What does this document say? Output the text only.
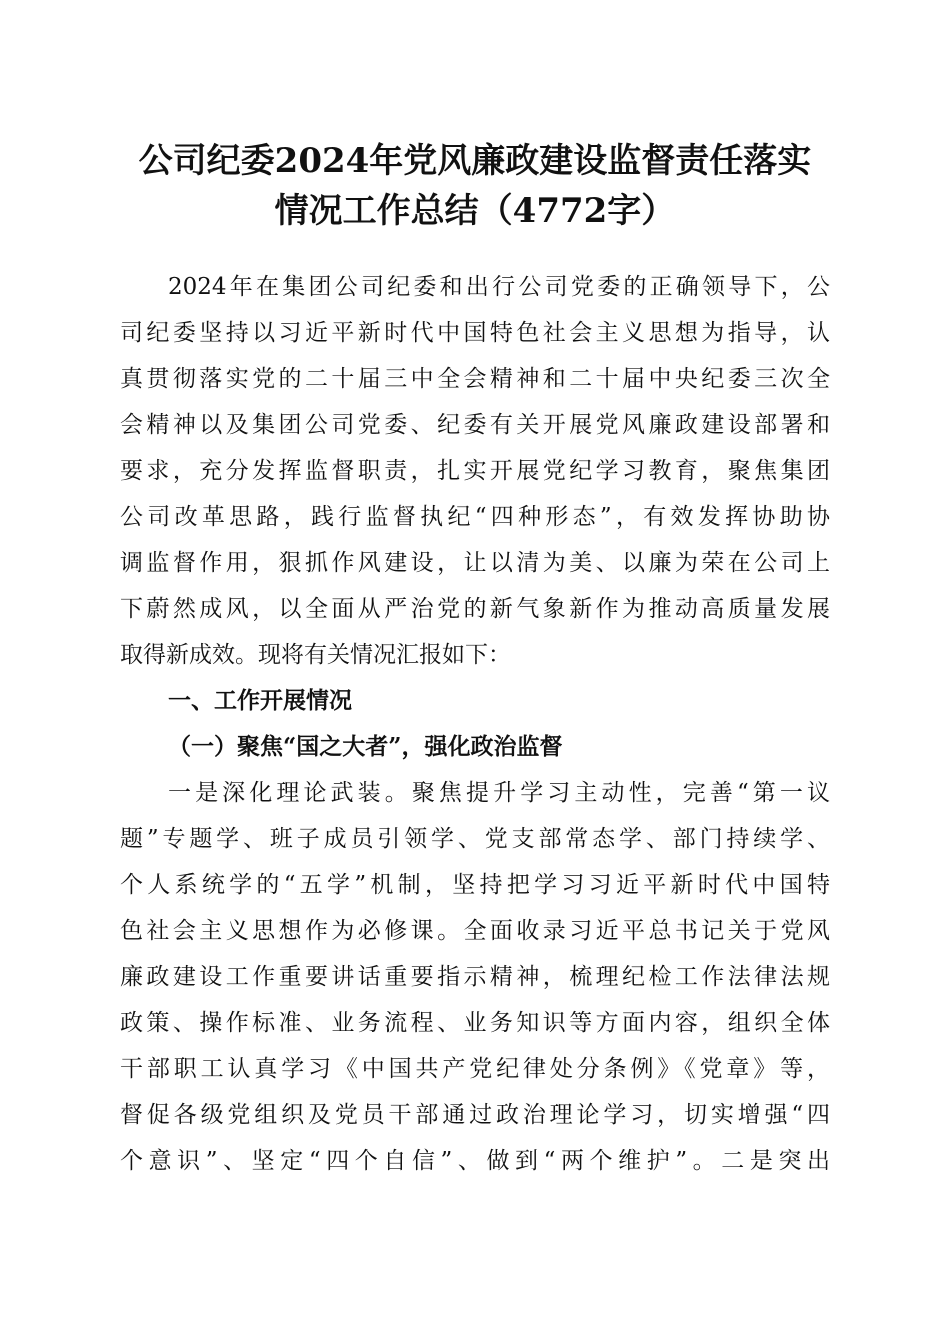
公司纪委2024年党风廉政建设监督责任落实
情况工作总结（4772字）
2024年在集团公司纪委和出行公司党委的正确领导下，公
司纪委坚持以习近平新时代中国特色社会主义思想为指导，认
真贯彻落实党的二十届三中全会精神和二十届中央纪委三次全
会精神以及集团公司党委、纪委有关开展党风廉政建设部署和
要求，充分发挥监督职责，扎实开展党纪学习教育，聚焦集团
公司改革思路，践行监督执纪“四种形态”，有效发挥协助协
调监督作用，狠抓作风建设，让以清为美、以廉为荣在公司上
下蔚然成风，以全面从严治党的新气象新作为推动高质量发展
取得新成效。现将有关情况汇报如下：
一、工作开展情况
（一）聚焦“国之大者”，强化政治监督
一是深化理论武装。聚焦提升学习主动性，完善“第一议
题”专题学、班子成员引领学、党支部常态学、部门持续学、
个人系统学的“五学”机制，坚持把学习习近平新时代中国特
色社会主义思想作为必修课。全面收录习近平总书记关于党风
廉政建设工作重要讲话重要指示精神，梳理纪检工作法律法规
政策、操作标准、业务流程、业务知识等方面内容，组织全体
干部职工认真学习《中国共产党纪律处分条例》《党章》等，
督促各级党组织及党员干部通过政治理论学习，切实增强“四
个意识”、坚定“四个自信”、做到“两个维护”。二是突出
